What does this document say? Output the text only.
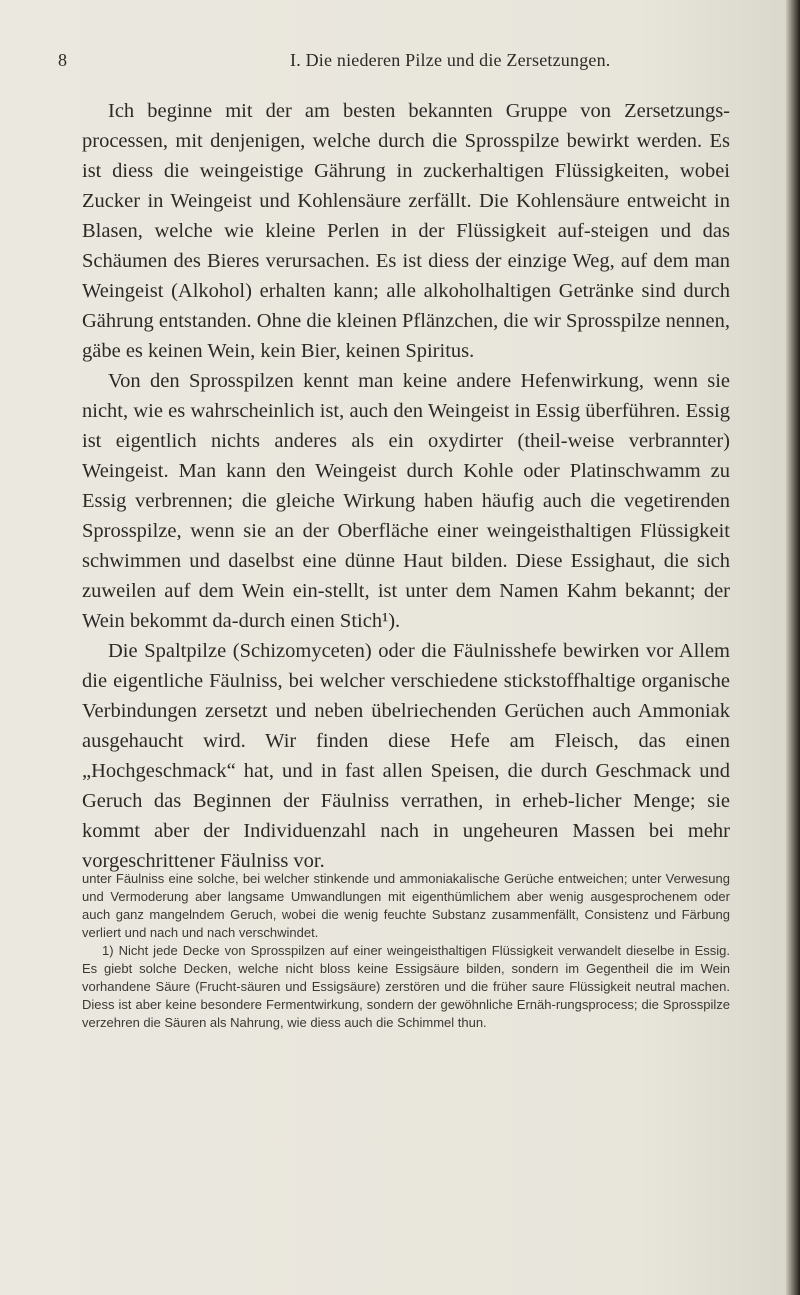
8	I. Die niederen Pilze und die Zersetzungen.

Ich beginne mit der am besten bekannten Gruppe von Zersetzungs-processen, mit denjenigen, welche durch die Sprosspilze bewirkt werden. Es ist diess die weingeistige Gährung in zuckerhaltigen Flüssigkeiten, wobei Zucker in Weingeist und Kohlensäure zerfällt. Die Kohlensäure entweicht in Blasen, welche wie kleine Perlen in der Flüssigkeit auf-steigen und das Schäumen des Bieres verursachen. Es ist diess der einzige Weg, auf dem man Weingeist (Alkohol) erhalten kann; alle alkoholhaltigen Getränke sind durch Gährung entstanden. Ohne die kleinen Pflänzchen, die wir Sprosspilze nennen, gäbe es keinen Wein, kein Bier, keinen Spiritus.

Von den Sprosspilzen kennt man keine andere Hefenwirkung, wenn sie nicht, wie es wahrscheinlich ist, auch den Weingeist in Essig überführen. Essig ist eigentlich nichts anderes als ein oxydirter (theil-weise verbrannter) Weingeist. Man kann den Weingeist durch Kohle oder Platinschwamm zu Essig verbrennen; die gleiche Wirkung haben häufig auch die vegetirenden Sprosspilze, wenn sie an der Oberfläche einer weingeisthaltigen Flüssigkeit schwimmen und daselbst eine dünne Haut bilden. Diese Essighaut, die sich zuweilen auf dem Wein ein-stellt, ist unter dem Namen Kahm bekannt; der Wein bekommt da-durch einen Stich¹).

Die Spaltpilze (Schizomyceten) oder die Fäulnisshefe bewirken vor Allem die eigentliche Fäulniss, bei welcher verschiedene stickstoffhaltige organische Verbindungen zersetzt und neben übelriechenden Gerüchen auch Ammoniak ausgehaucht wird. Wir finden diese Hefe am Fleisch, das einen „Hochgeschmack“ hat, und in fast allen Speisen, die durch Geschmack und Geruch das Beginnen der Fäulniss verrathen, in erheb-licher Menge; sie kommt aber der Individuenzahl nach in ungeheuren Massen bei mehr vorgeschrittener Fäulniss vor.

unter Fäulniss eine solche, bei welcher stinkende und ammoniakalische Gerüche entweichen; unter Verwesung und Vermoderung aber langsame Umwandlungen mit eigenthümlichem aber wenig ausgesprochenem oder auch ganz mangelndem Geruch, wobei die wenig feuchte Substanz zusammenfällt, Consistenz und Färbung verliert und nach und nach verschwindet.

1) Nicht jede Decke von Sprosspilzen auf einer weingeisthaltigen Flüssigkeit verwandelt dieselbe in Essig. Es giebt solche Decken, welche nicht bloss keine Essigsäure bilden, sondern im Gegentheil die im Wein vorhandene Säure (Frucht-säuren und Essigsäure) zerstören und die früher saure Flüssigkeit neutral machen. Diess ist aber keine besondere Fermentwirkung, sondern der gewöhnliche Ernäh-rungsprocess; die Sprosspilze verzehren die Säuren als Nahrung, wie diess auch die Schimmel thun.
